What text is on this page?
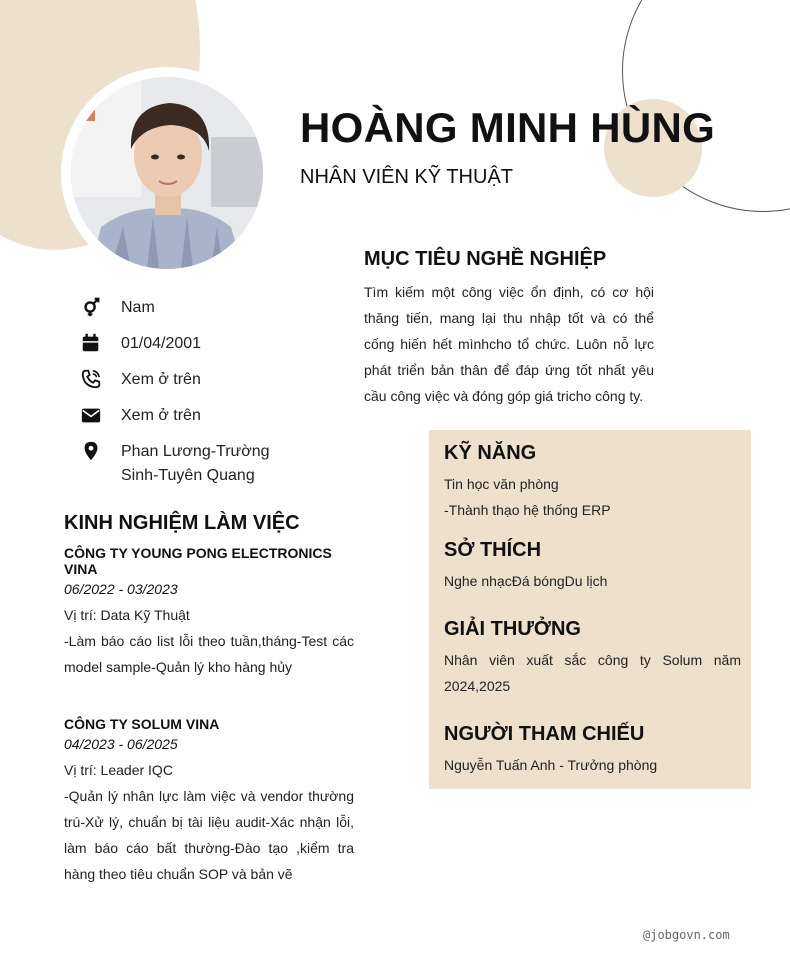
HOÀNG MINH HÙNG

NHÂN VIÊN KỸ THUẬT

Nam
01/04/2001
Xem ở trên
Xem ở trên
Phan Lương-Trường Sinh-Tuyên Quang
MỤC TIÊU NGHỀ NGHIỆP
Tìm kiếm một công việc ổn định, có cơ hội thăng tiến, mang lại thu nhập tốt và có thể cống hiến hết mìnhcho tổ chức. Luôn nỗ lực phát triển bản thân để đáp ứng tốt nhất yêu cầu công việc và đóng góp giá tricho công ty.
KINH NGHIỆM LÀM VIỆC
CÔNG TY YOUNG PONG ELECTRONICS VINA
06/2022 - 03/2023
Vị trí: Data Kỹ Thuật
-Làm báo cáo list lỗi theo tuần,tháng-Test các model sample-Quản lý kho hàng hủy
CÔNG TY SOLUM VINA
04/2023 - 06/2025
Vị trí: Leader IQC
-Quản lý nhân lực làm việc và vendor thường trú-Xử lý, chuẩn bị tài liệu audit-Xác nhận lỗi, làm báo cáo bất thường-Đào tạo ,kiểm tra hàng theo tiêu chuẩn SOP và bản vẽ
KỸ NĂNG
Tin học văn phòng
-Thành thạo hệ thống ERP
SỞ THÍCH
Nghe nhạcĐá bóngDu lịch
GIẢI THƯỞNG
Nhân viên xuất sắc công ty Solum năm 2024,2025
NGƯỜI THAM CHIẾU
Nguyễn Tuấn Anh - Trưởng phòng
@jobgovn.com
